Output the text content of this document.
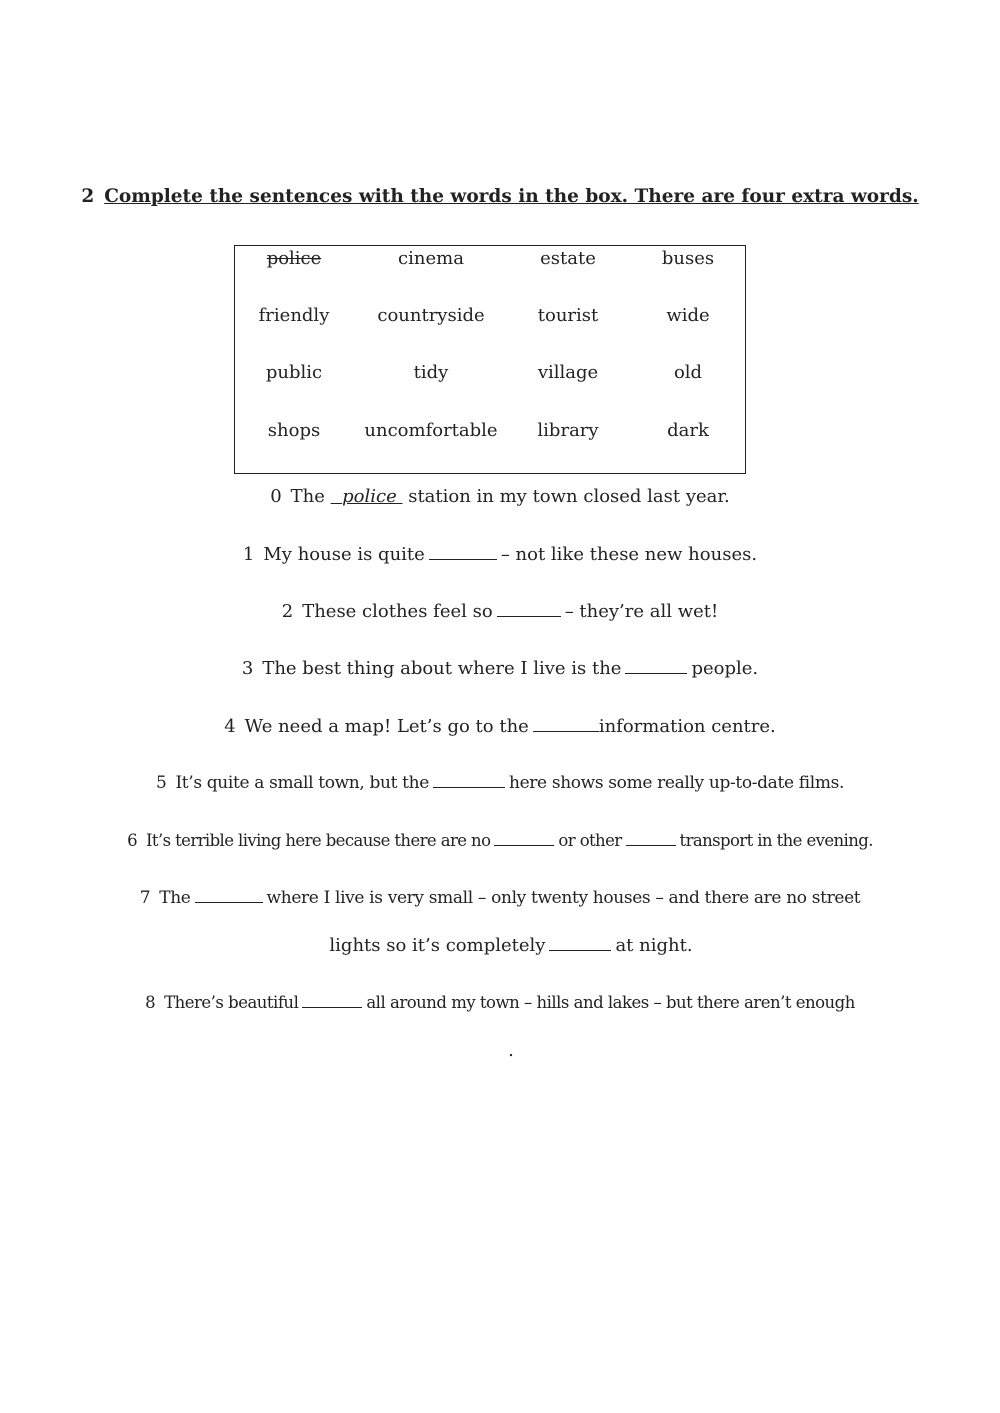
2 Complete the sentences with the words in the box. There are four extra words.
police	cinema	estate	buses
friendly	countryside	tourist	wide
public	tidy	village	old
shops	uncomfortable	library	dark
0 The police station in my town closed last year.
1 My house is quite	– not like these new houses.
2 These clothes feel so	– they’re all wet!
3 The best thing about where I live is the	people.
4 We need a map! Let’s go to the	information centre.
5 It’s quite a small town, but the	here shows some really up-to-date films.
6 It’s terrible living here because there are no	or other	transport in the evening.
7 The	where I live is very small – only twenty houses – and there are no street
lights so it’s completely	at night.
8 There’s beautiful	all around my town – hills and lakes – but there aren’t enough
.
